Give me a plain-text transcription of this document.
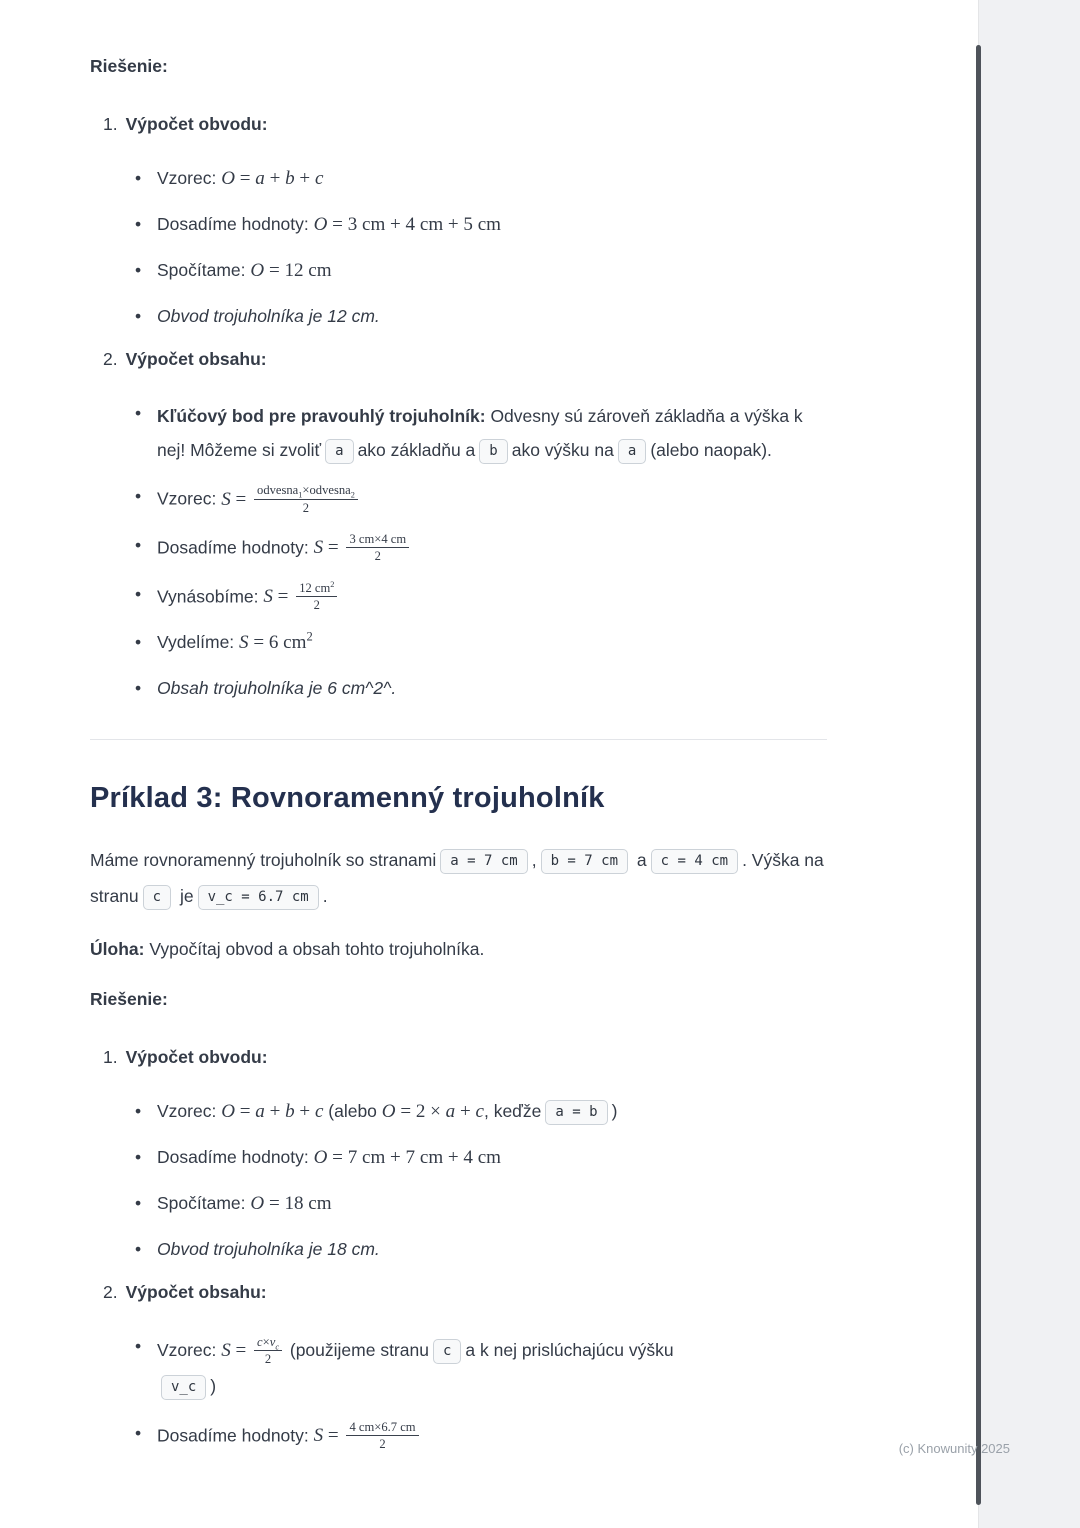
Riešenie:

1. Výpočet obvodu:
• Vzorec: O = a + b + c
• Dosadíme hodnoty: O = 3 cm + 4 cm + 5 cm
• Spočítame: O = 12 cm
• Obvod trojuholníka je 12 cm.
2. Výpočet obsahu:
• Kľúčový bod pre pravouhlý trojuholník: Odvesny sú zároveň základňa a výška k nej! Môžeme si zvoliť a ako základňu a b ako výšku na a (alebo naopak).
• Vzorec: $S = \frac{odvesna_1\times odvesna_2}{2}$
• Dosadíme hodnoty: $S = \frac{3 cm\times 4 cm}{2}$
• Vynásobíme: $S = \frac{12 cm^2}{2}$
• Vydelíme: S = 6 $cm^2$
• Obsah trojuholníka je 6 cm^2^.
Príklad 3: Rovnoramenný trojuholník

Máme rovnoramenný trojuholník so stranami a = 7 cm , b = 7 cm a c = 4 cm . Výška na stranu c je v_c = 6.7 cm .

Úloha: Vypočítaj obvod a obsah tohto trojuholníka.

Riešenie:

1. Výpočet obvodu:
• Vzorec: O = a + b + c (alebo O = 2 × a + c, keďže a = b )
• Dosadíme hodnoty: O = 7 cm + 7 cm + 4 cm
• Spočítame: O = 18 cm
• Obvod trojuholníka je 18 cm.
2. Výpočet obsahu:
• Vzorec: $S = \frac{c\times v_c}{2}$ (použijeme stranu c a k nej prislúchajúcu výšku
v_c )
• Dosadíme hodnoty: $S = \frac{4 cm\times 6.7 cm}{2}$	(c) Knowunity 2025
